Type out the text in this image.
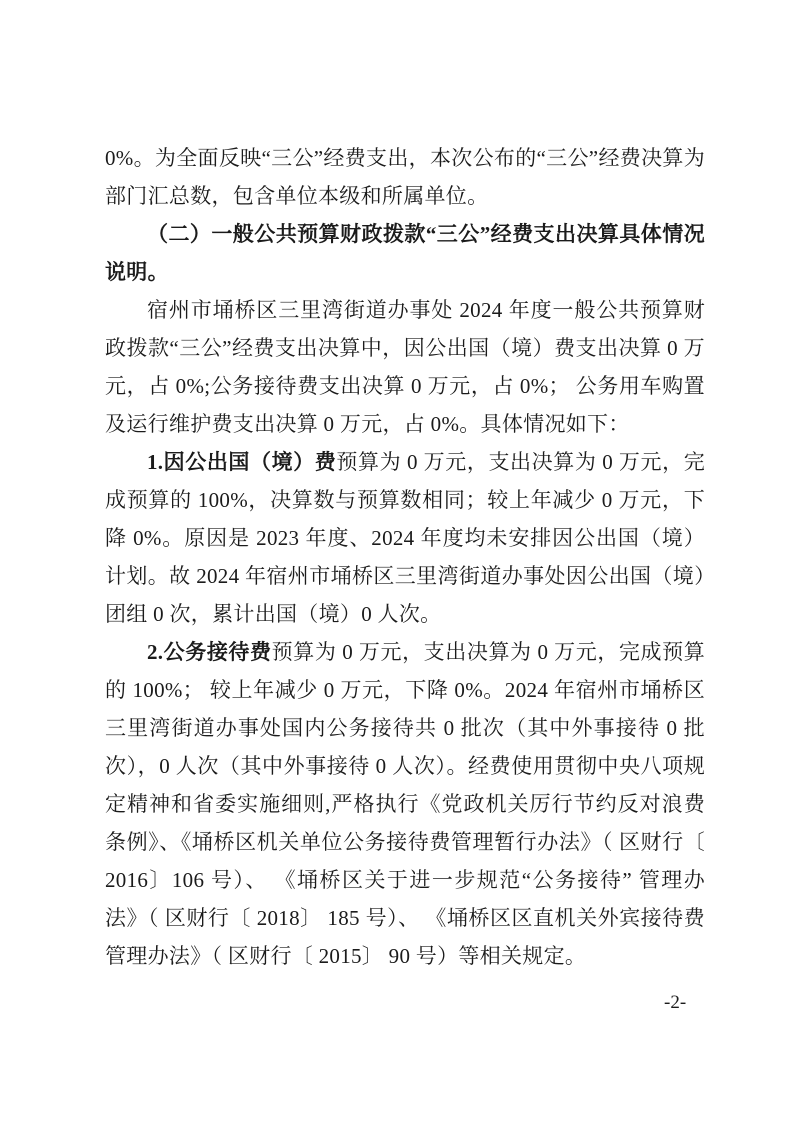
0%。为全面反映“三公”经费支出，本次公布的“三公”经费决算为部门汇总数，包含单位本级和所属单位。

（二）一般公共预算财政拨款“三公”经费支出决算具体情况说明。

宿州市埇桥区三里湾街道办事处 2024 年度一般公共预算财政拨款“三公”经费支出决算中，因公出国（境）费支出决算 0 万元，占 0%;公务接待费支出决算 0 万元，占 0%； 公务用车购置及运行维护费支出决算 0 万元，占 0%。具体情况如下：

1.因公出国（境）费预算为 0 万元，支出决算为 0 万元，完成预算的 100%，决算数与预算数相同；较上年减少 0 万元，下降 0%。原因是 2023 年度、2024 年度均未安排因公出国（境）计划。故 2024 年宿州市埇桥区三里湾街道办事处因公出国（境）团组 0 次，累计出国（境）0 人次。

2.公务接待费预算为 0 万元，支出决算为 0 万元，完成预算的 100%； 较上年减少 0 万元，下降 0%。2024 年宿州市埇桥区三里湾街道办事处国内公务接待共 0 批次（其中外事接待 0 批次），0 人次（其中外事接待 0 人次）。经费使用贯彻中央八项规定精神和省委实施细则,严格执行《党政机关厉行节约反对浪费条例》、《埇桥区机关单位公务接待费管理暂行办法》（ 区财行〔 2016〕106 号）、 《埇桥区关于进一步规范“公务接待” 管理办法》（ 区财行〔 2018〕 185 号）、 《埇桥区区直机关外宾接待费管理办法》（ 区财行〔 2015〕 90 号）等相关规定。

-2-
